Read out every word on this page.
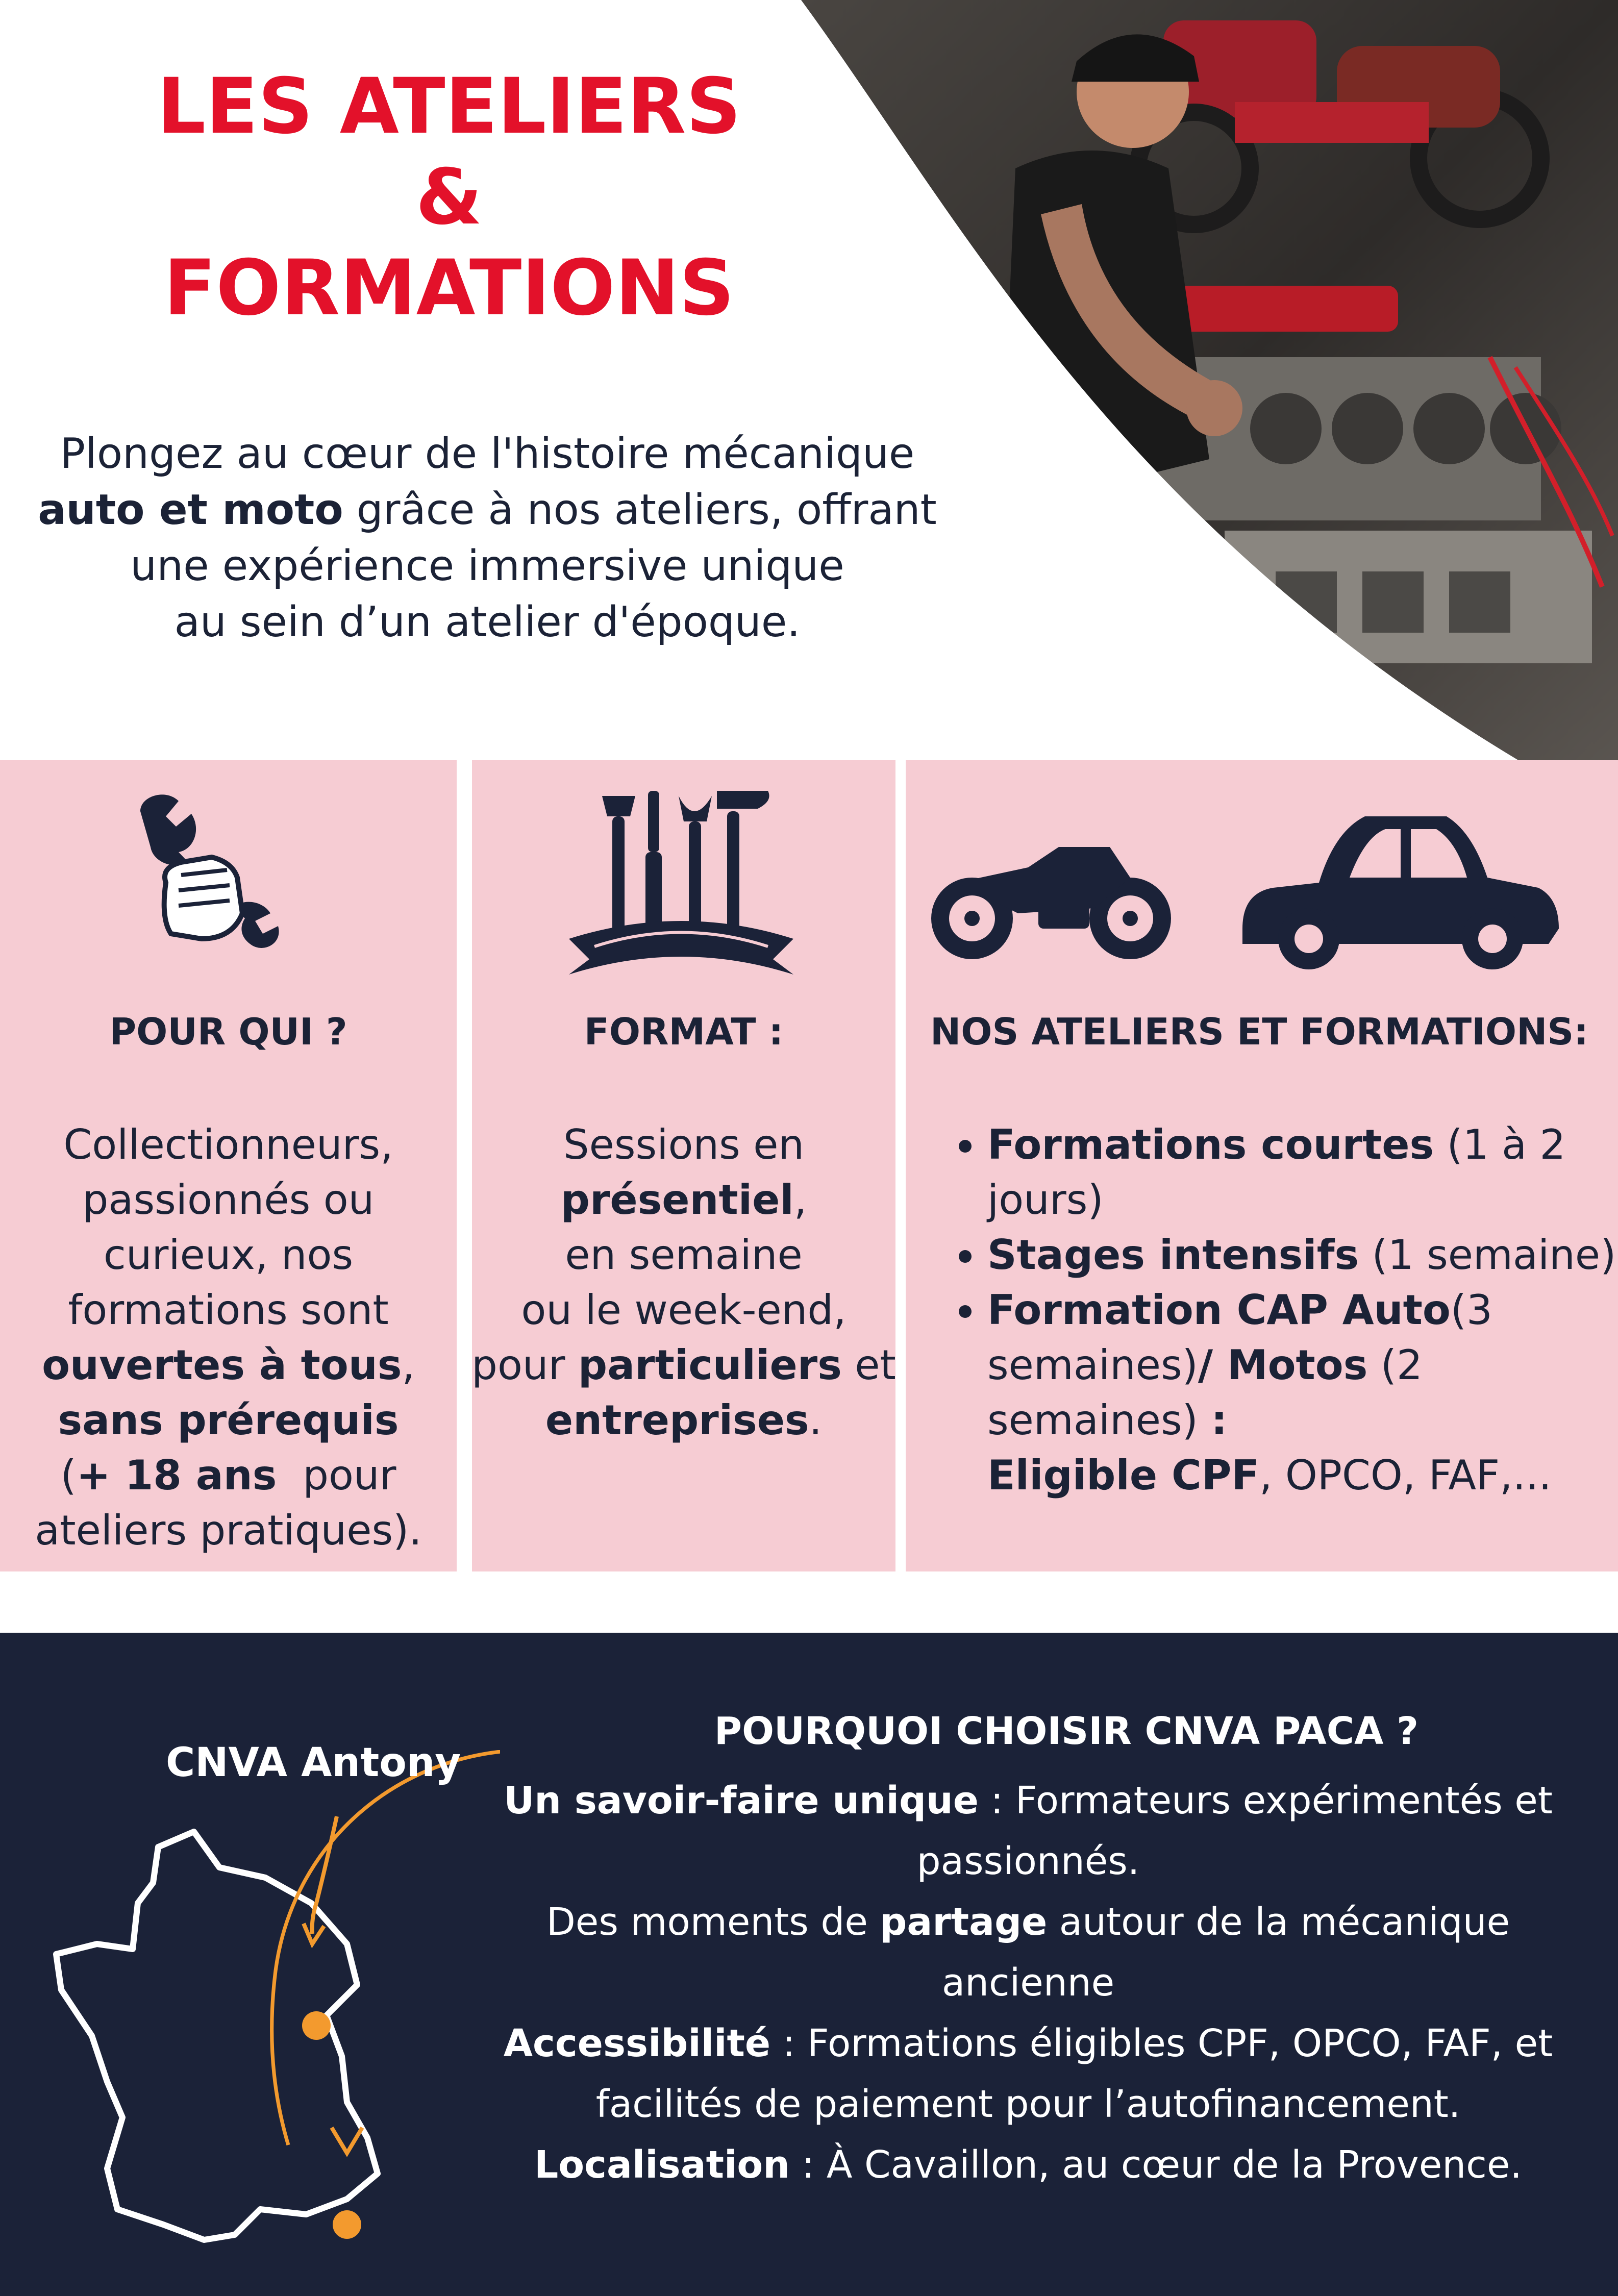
LES ATELIERS
&
FORMATIONS
Plongez au cœur de l'histoire mécanique
auto et moto grâce à nos ateliers, offrant
une expérience immersive unique
au sein d’un atelier d'époque.
POUR QUI ?
Collectionneurs,
passionnés ou
curieux, nos
formations sont
ouvertes à tous,
sans prérequis
(+ 18 ans  pour
ateliers pratiques).
FORMAT :
Sessions en
présentiel,
en semaine
ou le week-end,
pour particuliers et
entreprises.
NOS ATELIERS ET FORMATIONS:
• Formations courtes (1 à 2 jours)
• Stages intensifs (1 semaine)
• Formation CAP Auto(3 semaines)/ Motos (2 semaines) :
Eligible CPF, OPCO, FAF,...
CNVA Antony
POURQUOI CHOISIR CNVA PACA ?
Un savoir-faire unique : Formateurs expérimentés et passionnés.
Des moments de partage autour de la mécanique ancienne
Accessibilité : Formations éligibles CPF, OPCO, FAF, et facilités de paiement pour l’autofinancement.
Localisation : À Cavaillon, au cœur de la Provence.
